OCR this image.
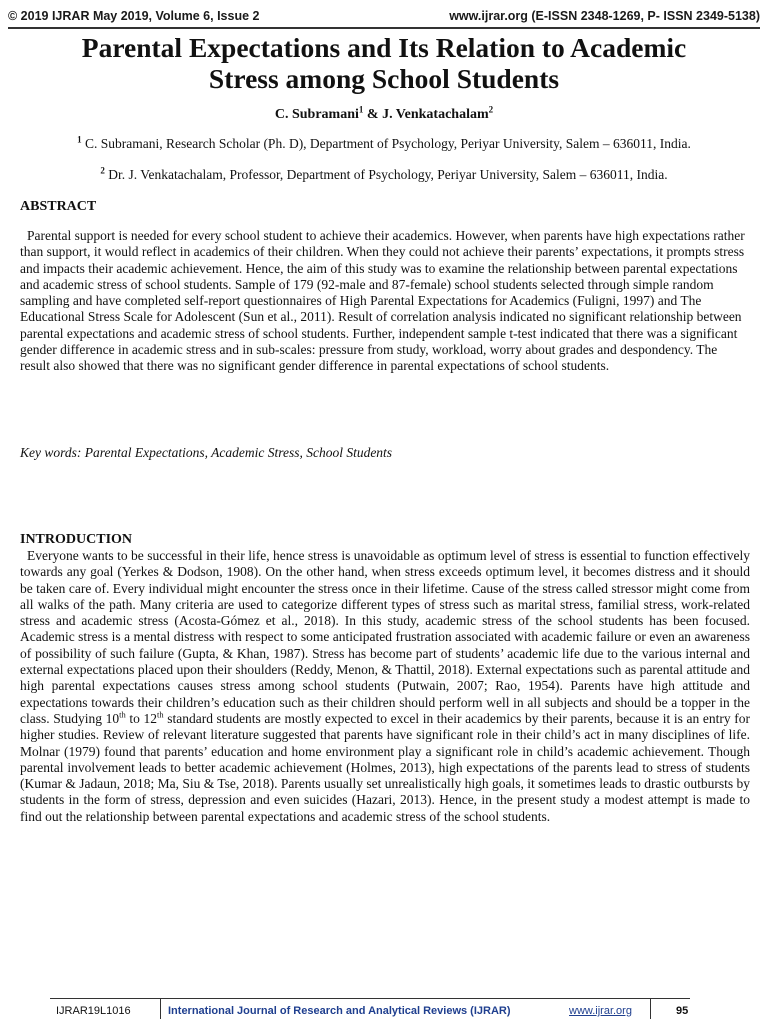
© 2019 IJRAR May 2019, Volume 6, Issue 2	www.ijrar.org (E-ISSN 2348-1269, P- ISSN 2349-5138)
Parental Expectations and Its Relation to Academic
Stress among School Students
C. Subramani$^1$ & J. Venkatachalam$^2$
$^1$ C. Subramani, Research Scholar (Ph. D), Department of Psychology, Periyar University, Salem – 636011, India.
$^2$ Dr. J. Venkatachalam, Professor, Department of Psychology, Periyar University, Salem – 636011, India.
ABSTRACT

Parental support is needed for every school student to achieve their academics. However, when parents have high expectations rather than support, it would reflect in academics of their children. When they could not achieve their parents’ expectations, it prompts stress and impacts their academic achievement. Hence, the aim of this study was to examine the relationship between parental expectations and academic stress of school students. Sample of 179 (92-male and 87-female) school students selected through simple random sampling and have completed self-report questionnaires of High Parental Expectations for Academics (Fuligni, 1997) and The Educational Stress Scale for Adolescent (Sun et al., 2011). Result of correlation analysis indicated no significant relationship between parental expectations and academic stress of school students. Further, independent sample t-test indicated that there was a significant gender difference in academic stress and in sub-scales: pressure from study, workload, worry about grades and despondency. The result also showed that there was no significant gender difference in parental expectations of school students.

Key words: Parental Expectations, Academic Stress, School Students

INTRODUCTION

Everyone wants to be successful in their life, hence stress is unavoidable as optimum level of stress is essential to function effectively towards any goal (Yerkes & Dodson, 1908). On the other hand, when stress exceeds optimum level, it becomes distress and it should be taken care of. Every individual might encounter the stress once in their lifetime. Cause of the stress called stressor might come from all walks of the path. Many criteria are used to categorize different types of stress such as marital stress, familial stress, work-related stress and academic stress (Acosta-Gómez et al., 2018). In this study, academic stress of the school students has been focused. Academic stress is a mental distress with respect to some anticipated frustration associated with academic failure or even an awareness of possibility of such failure (Gupta, & Khan, 1987). Stress has become part of students’ academic life due to the various internal and external expectations placed upon their shoulders (Reddy, Menon, & Thattil, 2018). External expectations such as parental attitude and high parental expectations causes stress among school students (Putwain, 2007; Rao, 1954). Parents have high attitude and expectations towards their children’s education such as their children should perform well in all subjects and should be a topper in the class. Studying 10th to 12th standard students are mostly expected to excel in their academics by their parents, because it is an entry for higher studies. Review of relevant literature suggested that parents have significant role in their child’s act in many disciplines of life. Molnar (1979) found that parents’ education and home environment play a significant role in child’s academic achievement. Though parental involvement leads to better academic achievement (Holmes, 2013), high expectations of the parents lead to stress of students (Kumar & Jadaun, 2018; Ma, Siu & Tse, 2018). Parents usually set unrealistically high goals, it sometimes leads to drastic outbursts by students in the form of stress, depression and even suicides (Hazari, 2013). Hence, in the present study a modest attempt is made to find out the relationship between parental expectations and academic stress of the school students.

IJRAR19L1016	International Journal of Research and Analytical Reviews (IJRAR)	www.ijrar.org	95
